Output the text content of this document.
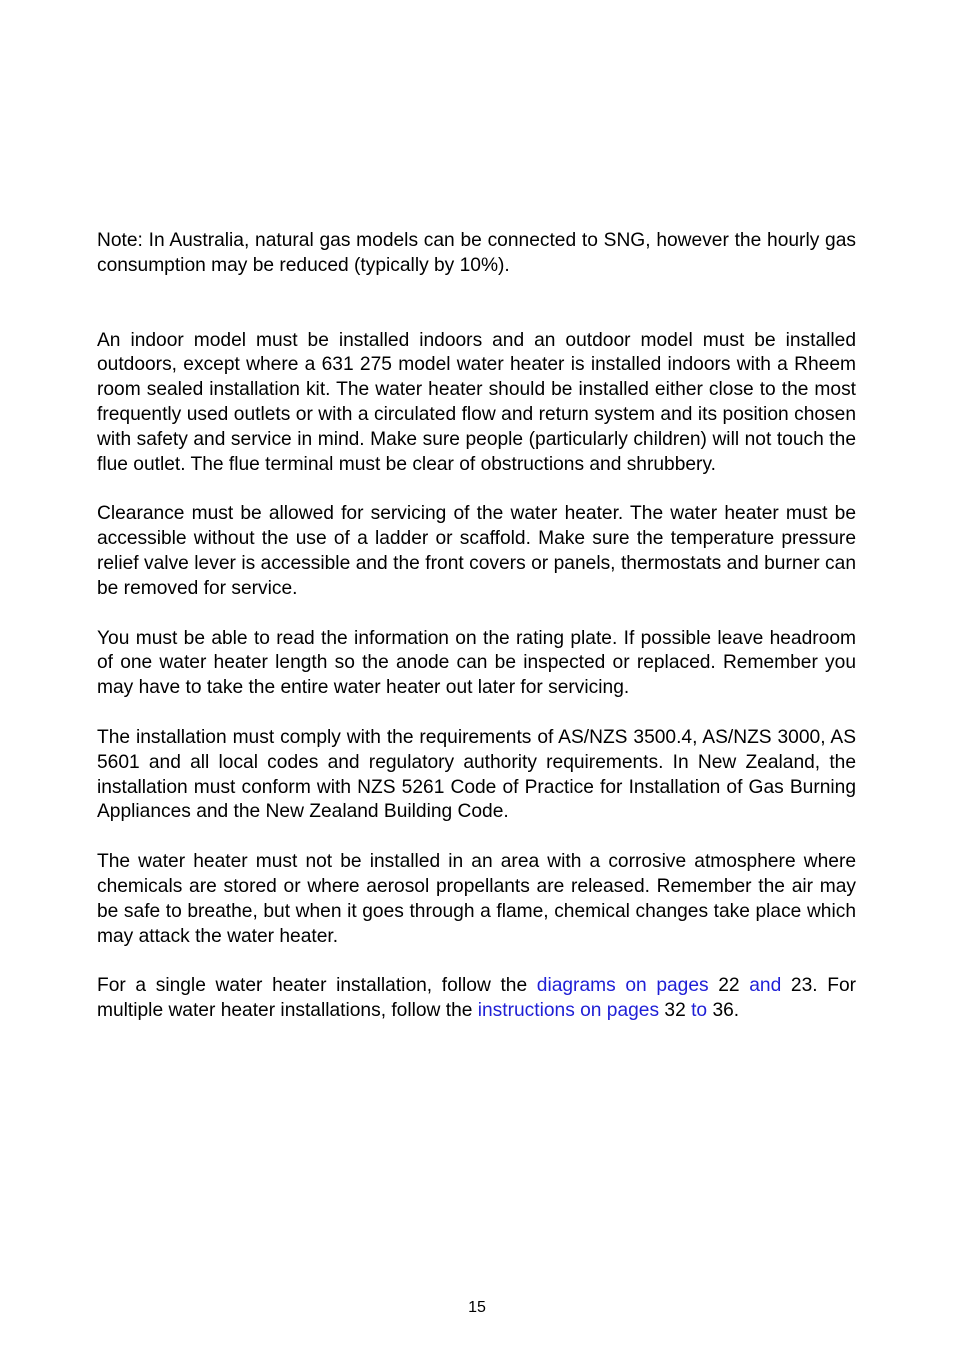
Note: In Australia, natural gas models can be connected to SNG, however the hourly gas consumption may be reduced (typically by 10%).

An indoor model must be installed indoors and an outdoor model must be installed outdoors, except where a 631 275 model water heater is installed indoors with a Rheem room sealed installation kit. The water heater should be installed either close to the most frequently used outlets or with a circulated flow and return system and its position chosen with safety and service in mind. Make sure people (particularly children) will not touch the flue outlet. The flue terminal must be clear of obstructions and shrubbery.

Clearance must be allowed for servicing of the water heater. The water heater must be accessible without the use of a ladder or scaffold. Make sure the temperature pressure relief valve lever is accessible and the front covers or panels, thermostats and burner can be removed for service.

You must be able to read the information on the rating plate. If possible leave headroom of one water heater length so the anode can be inspected or replaced. Remember you may have to take the entire water heater out later for servicing.

The installation must comply with the requirements of AS/NZS 3500.4, AS/NZS 3000, AS 5601 and all local codes and regulatory authority requirements. In New Zealand, the installation must conform with NZS 5261 Code of Practice for Installation of Gas Burning Appliances and the New Zealand Building Code.

The water heater must not be installed in an area with a corrosive atmosphere where chemicals are stored or where aerosol propellants are released. Remember the air may be safe to breathe, but when it goes through a flame, chemical changes take place which may attack the water heater.

For a single water heater installation, follow the diagrams on pages 22 and 23. For multiple water heater installations, follow the instructions on pages 32 to 36.

15
